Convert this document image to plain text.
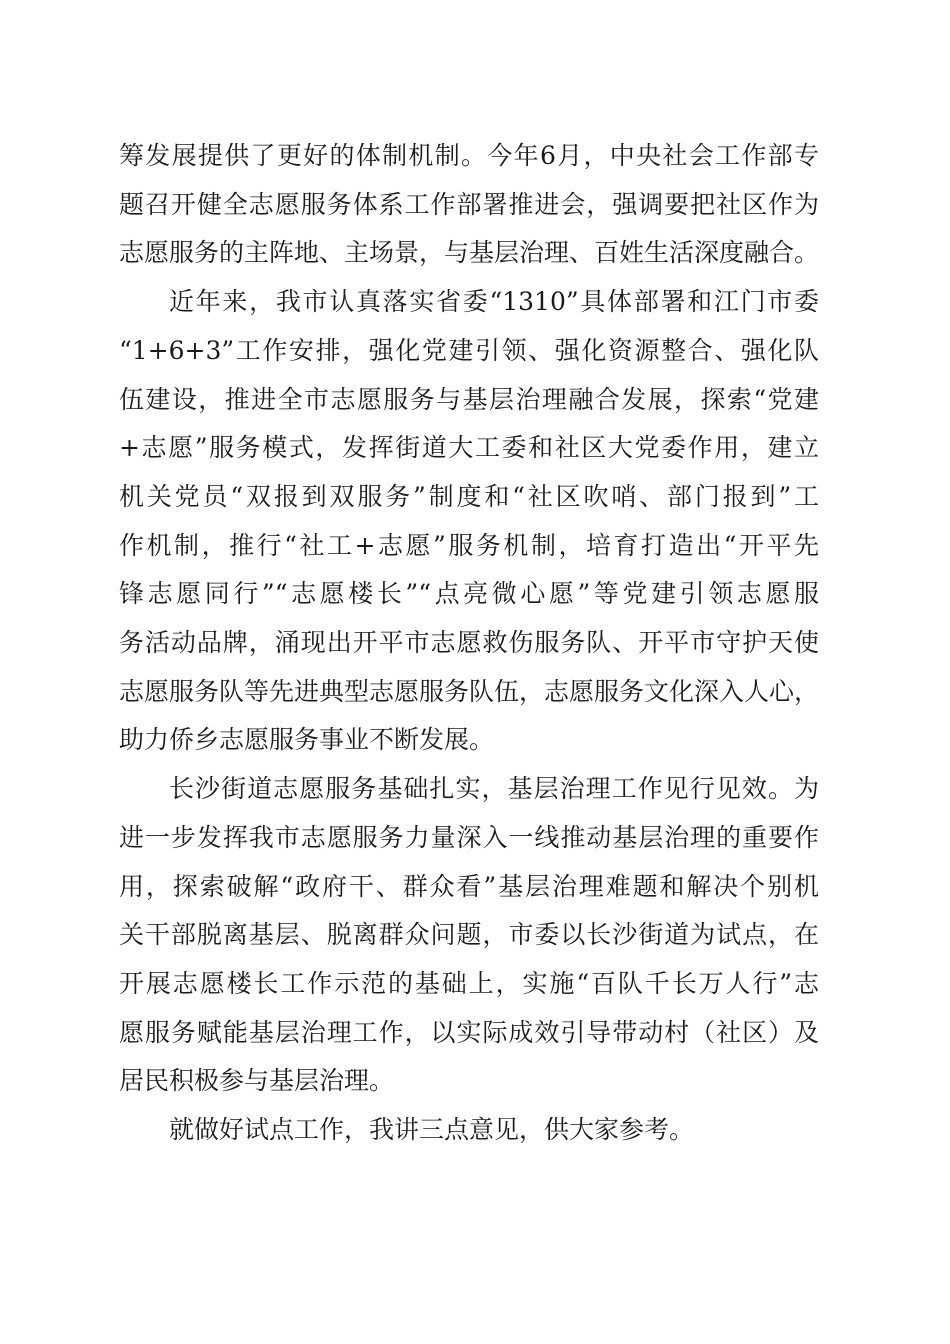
筹发展提供了更好的体制机制。今年6月，中央社会工作部专
题召开健全志愿服务体系工作部署推进会，强调要把社区作为
志愿服务的主阵地、主场景，与基层治理、百姓生活深度融合。

近年来，我市认真落实省委“1310”具体部署和江门市委
“1+6+3”工作安排，强化党建引领、强化资源整合、强化队
伍建设，推进全市志愿服务与基层治理融合发展，探索“党建
+志愿”服务模式，发挥街道大工委和社区大党委作用，建立
机关党员“双报到双服务”制度和“社区吹哨、部门报到”工
作机制，推行“社工+志愿”服务机制，培育打造出“开平先
锋志愿同行”“志愿楼长”“点亮微心愿”等党建引领志愿服
务活动品牌，涌现出开平市志愿救伤服务队、开平市守护天使
志愿服务队等先进典型志愿服务队伍，志愿服务文化深入人心，
助力侨乡志愿服务事业不断发展。

长沙街道志愿服务基础扎实，基层治理工作见行见效。为
进一步发挥我市志愿服务力量深入一线推动基层治理的重要作
用，探索破解“政府干、群众看”基层治理难题和解决个别机
关干部脱离基层、脱离群众问题，市委以长沙街道为试点，在
开展志愿楼长工作示范的基础上，实施“百队千长万人行”志
愿服务赋能基层治理工作，以实际成效引导带动村（社区）及
居民积极参与基层治理。

就做好试点工作，我讲三点意见，供大家参考。
